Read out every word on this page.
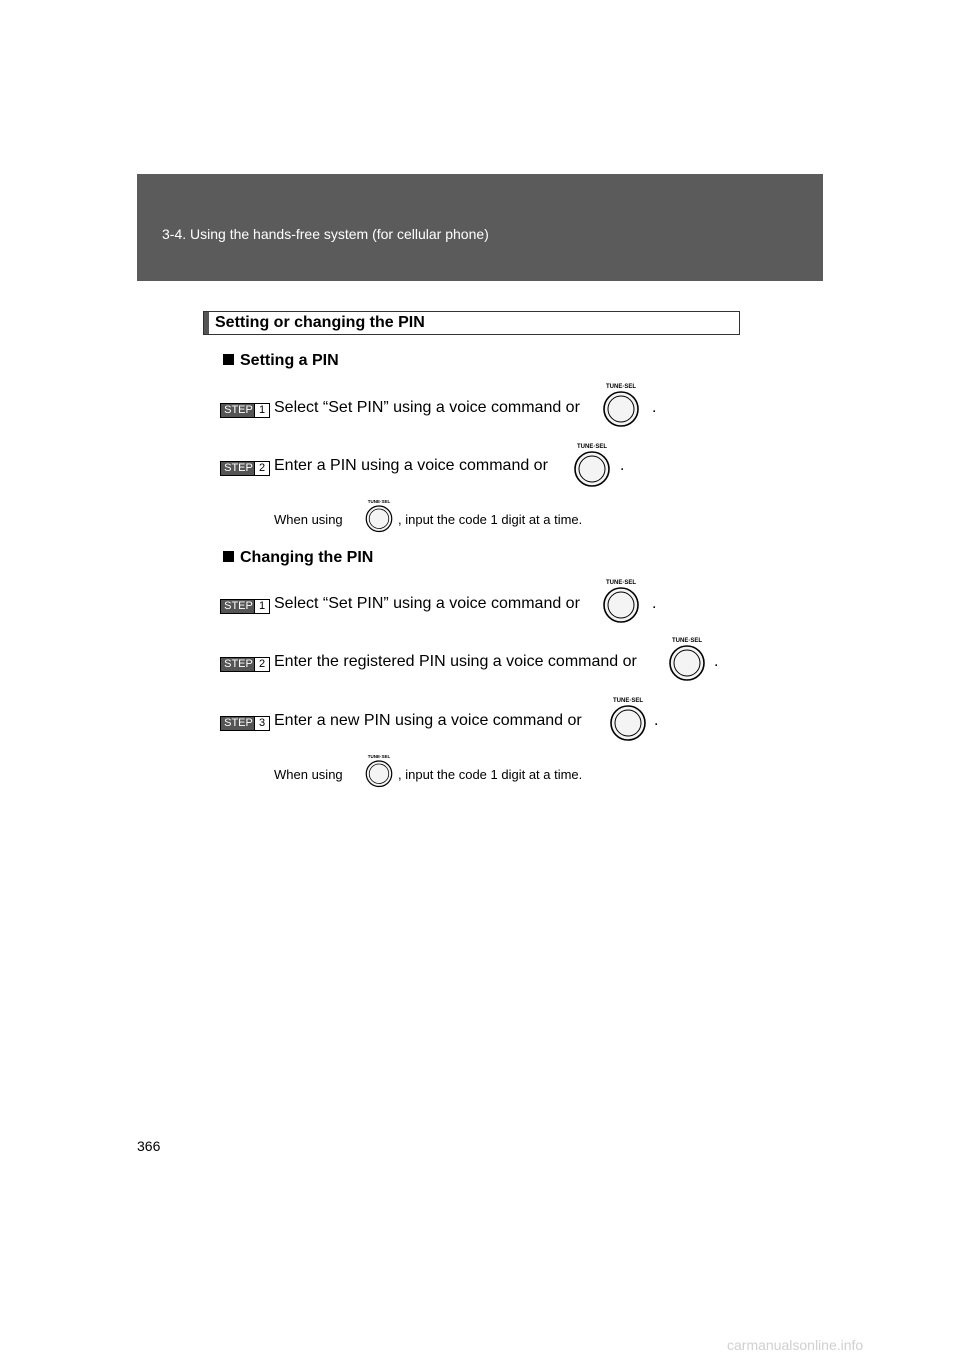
3-4. Using the hands-free system (for cellular phone)
Setting or changing the PIN
Setting a PIN
STEP 1 Select “Set PIN” using a voice command or
TUNE·SEL
.
STEP 2 Enter a PIN using a voice command or
TUNE·SEL
.
When using
TUNE·SEL
, input the code 1 digit at a time.
Changing the PIN
STEP 1 Select “Set PIN” using a voice command or
TUNE·SEL
.
STEP 2 Enter the registered PIN using a voice command or
TUNE·SEL
.
STEP 3 Enter a new PIN using a voice command or
TUNE·SEL
.
When using
TUNE·SEL
, input the code 1 digit at a time.
366
carmanualsonline.info
